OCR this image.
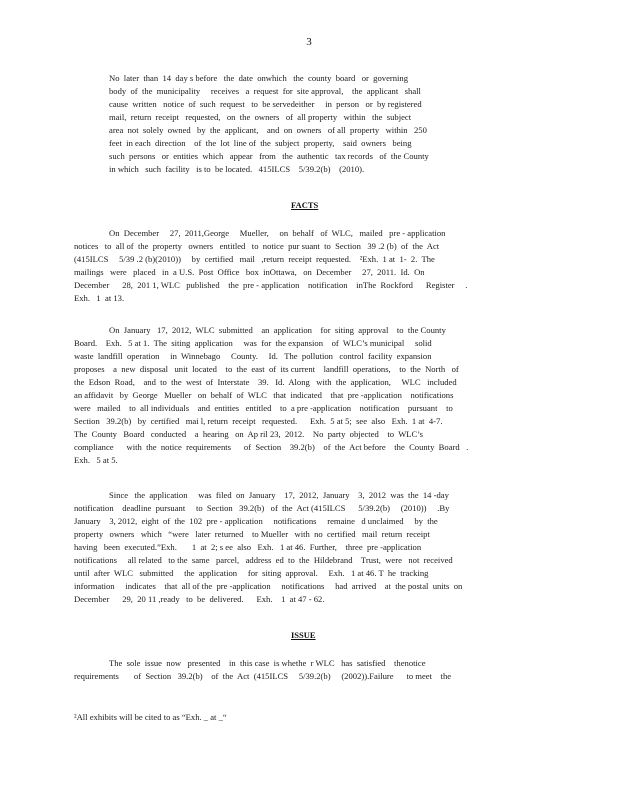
3
No  later  than  14  day s before   the  date  onwhich   the  county  board   or  governing
body  of  the  municipality     receives   a  request  for  site approval,    the  applicant   shall
cause  written   notice  of  such  request   to  be servedeither     in  person   or  by registered
mail,  return  receipt   requested,   on  the  owners   of  all property   within   the  subject
area  not  solely  owned   by  the  applicant,    and  on  owners   of all  property   within   250
feet  in each  direction    of  the  lot  line of  the  subject  property,    said  owners   being
such  persons   or  entities  which   appear   from   the  authentic   tax records   of  the County
in which   such  facility   is to  be located.   415ILCS    5/39.2(b)    (2010).
FACTS
On  December     27,  2011,George     Mueller,     on  behalf   of  WLC,   mailed   pre - application
notices   to  all of  the  property   owners   entitled   to  notice  pur suant  to  Section   39 .2 (b)  of  the  Act
(415ILCS     5/39 .2 (b)(2010))     by  certified   mail   ,return  receipt  requested.    ²Exh.  1 at  1-  2.  The
mailings   were   placed   in  a U.S.  Post  Office   box  inOttawa,   on  December     27,  2011.  Id.  On
December      28,  201 1, WLC   published    the  pre - application    notification    inThe  Rockford      Register     .
Exh.   1  at 13.
On  January   17,  2012,  WLC  submitted    an  application    for  siting  approval    to  the County
Board.    Exh.   5 at 1.  The  siting  application     was  for  the expansion    of  WLC’s municipal     solid
waste  landfill  operation     in  Winnebago     County.     Id.   The  pollution   control  facility  expansion
proposes    a  new  disposal   unit  located    to  the  east  of  its current    landfill  operations,    to  the  North   of
the  Edson  Road,    and  to  the  west  of  Interstate    39.   Id.  Along   with  the  application,     WLC   included
an affidavit   by  George   Mueller   on  behalf  of  WLC   that  indicated    that  pre -application    notifications
were   mailed    to  all individuals    and  entities   entitled    to  a pre -application    notification    pursuant    to
Section   39.2(b)   by  certified   mai l, return  receipt   requested.      Exh.  5 at 5;  see  also   Exh.  1 at  4-7.
The  County   Board   conducted    a  hearing   on  Ap ril 23,  2012.    No  party  objected    to  WLC’s
compliance      with  the  notice  requirements      of  Section    39.2(b)    of  the  Act before    the  County  Board   .
Exh.   5 at 5.
Since   the  application     was  filed  on  January    17,  2012,  January    3,  2012  was  the  14 -day
notification    deadline  pursuant     to  Section   39.2(b)   of  the  Act (415ILCS      5/39.2(b)     (2010))     .By
January    3, 2012,  eight  of  the  102  pre - application     notifications     remaine   d unclaimed     by  the
property   owners   which   “were   later  returned    to Mueller   with  no  certified   mail  return  receipt
having   been  executed.”Exh.       1  at  2; s ee  also   Exh.   1 at 46.  Further,    three  pre -application
notifications     all related   to the  same   parcel,   address  ed  to  the  Hildebrand    Trust,  were   not  received
until  after  WLC   submitted     the  application     for  siting  approval.     Exh.   1 at 46. T  he  tracking
information     indicates    that  all of the  pre -application     notifications     had  arrived    at  the postal  units  on
December      29,  20 11 ,ready   to  be  delivered.      Exh.    1  at 47 - 62.
ISSUE
The  sole  issue  now   presented    in  this case  is whethe  r WLC   has  satisfied    thenotice
requirements       of  Section   39.2(b)    of  the  Act  (415ILCS     5/39.2(b)     (2002)).Failure      to meet    the
²All exhibits will be cited to as “Exh. _ at _“
